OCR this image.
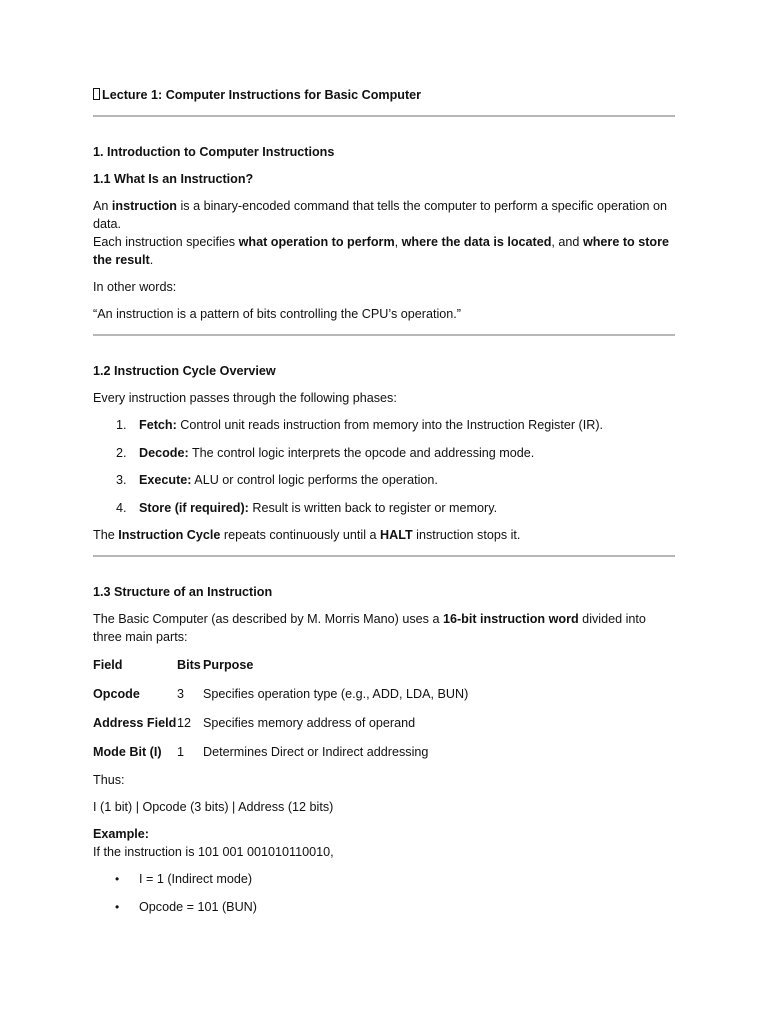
Lecture 1: Computer Instructions for Basic Computer

1. Introduction to Computer Instructions

1.1 What Is an Instruction?

An instruction is a binary-encoded command that tells the computer to perform a specific operation on data.

Each instruction specifies what operation to perform, where the data is located, and where to store the result.

In other words:

“An instruction is a pattern of bits controlling the CPU’s operation.”

1.2 Instruction Cycle Overview

Every instruction passes through the following phases:

1. Fetch: Control unit reads instruction from memory into the Instruction Register (IR).
2. Decode: The control logic interprets the opcode and addressing mode.
3. Execute: ALU or control logic performs the operation.
4. Store (if required): Result is written back to register or memory.

The Instruction Cycle repeats continuously until a HALT instruction stops it.

1.3 Structure of an Instruction

The Basic Computer (as described by M. Morris Mano) uses a 16-bit instruction word divided into three main parts:

Field	Bits	Purpose
Opcode	3	Specifies operation type (e.g., ADD, LDA, BUN)
Address Field	12	Specifies memory address of operand
Mode Bit (I)	1	Determines Direct or Indirect addressing

Thus:

I (1 bit) | Opcode (3 bits) | Address (12 bits)

Example:

If the instruction is 101 001 001010110010,

• I = 1 (Indirect mode)
• Opcode = 101 (BUN)
